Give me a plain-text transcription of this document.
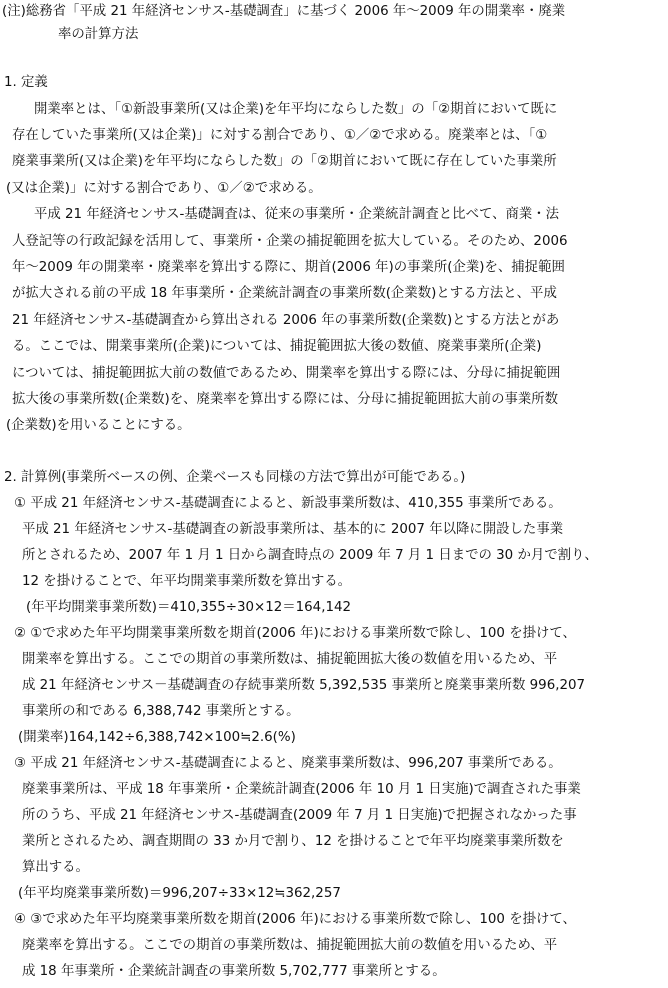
(注)総務省「平成 21 年経済センサス-基礎調査」に基づく 2006 年～2009 年の開業率・廃業
率の計算方法
1. 定義
開業率とは、「①新設事業所(又は企業)を年平均にならした数」の「②期首において既に
存在していた事業所(又は企業)」に対する割合であり、①／②で求める。廃業率とは、「①
廃業事業所(又は企業)を年平均にならした数」の「②期首において既に存在していた事業所
(又は企業)」に対する割合であり、①／②で求める。
平成 21 年経済センサス-基礎調査は、従来の事業所・企業統計調査と比べて、商業・法
人登記等の行政記録を活用して、事業所・企業の捕捉範囲を拡大している。そのため、2006
年～2009 年の開業率・廃業率を算出する際に、期首(2006 年)の事業所(企業)を、捕捉範囲
が拡大される前の平成 18 年事業所・企業統計調査の事業所数(企業数)とする方法と、平成
21 年経済センサス-基礎調査から算出される 2006 年の事業所数(企業数)とする方法とがあ
る。ここでは、開業事業所(企業)については、捕捉範囲拡大後の数値、廃業事業所(企業)
については、捕捉範囲拡大前の数値であるため、開業率を算出する際には、分母に捕捉範囲
拡大後の事業所数(企業数)を、廃業率を算出する際には、分母に捕捉範囲拡大前の事業所数
(企業数)を用いることにする。
2. 計算例(事業所ベースの例、企業ベースも同様の方法で算出が可能である。)
① 平成 21 年経済センサス-基礎調査によると、新設事業所数は、410,355 事業所である。
平成 21 年経済センサス-基礎調査の新設事業所は、基本的に 2007 年以降に開設した事業
所とされるため、2007 年 1 月 1 日から調査時点の 2009 年 7 月 1 日までの 30 か月で割り、
12 を掛けることで、年平均開業事業所数を算出する。
(年平均開業事業所数)＝410,355÷30×12＝164,142
② ①で求めた年平均開業事業所数を期首(2006 年)における事業所数で除し、100 を掛けて、
開業率を算出する。ここでの期首の事業所数は、捕捉範囲拡大後の数値を用いるため、平
成 21 年経済センサス－基礎調査の存続事業所数 5,392,535 事業所と廃業事業所数 996,207
事業所の和である 6,388,742 事業所とする。
(開業率)164,142÷6,388,742×100≒2.6(%)
③ 平成 21 年経済センサス-基礎調査によると、廃業事業所数は、996,207 事業所である。
廃業事業所は、平成 18 年事業所・企業統計調査(2006 年 10 月 1 日実施)で調査された事業
所のうち、平成 21 年経済センサス-基礎調査(2009 年 7 月 1 日実施)で把握されなかった事
業所とされるため、調査期間の 33 か月で割り、12 を掛けることで年平均廃業事業所数を
算出する。
(年平均廃業事業所数)＝996,207÷33×12≒362,257
④ ③で求めた年平均廃業事業所数を期首(2006 年)における事業所数で除し、100 を掛けて、
廃業率を算出する。ここでの期首の事業所数は、捕捉範囲拡大前の数値を用いるため、平
成 18 年事業所・企業統計調査の事業所数 5,702,777 事業所とする。
